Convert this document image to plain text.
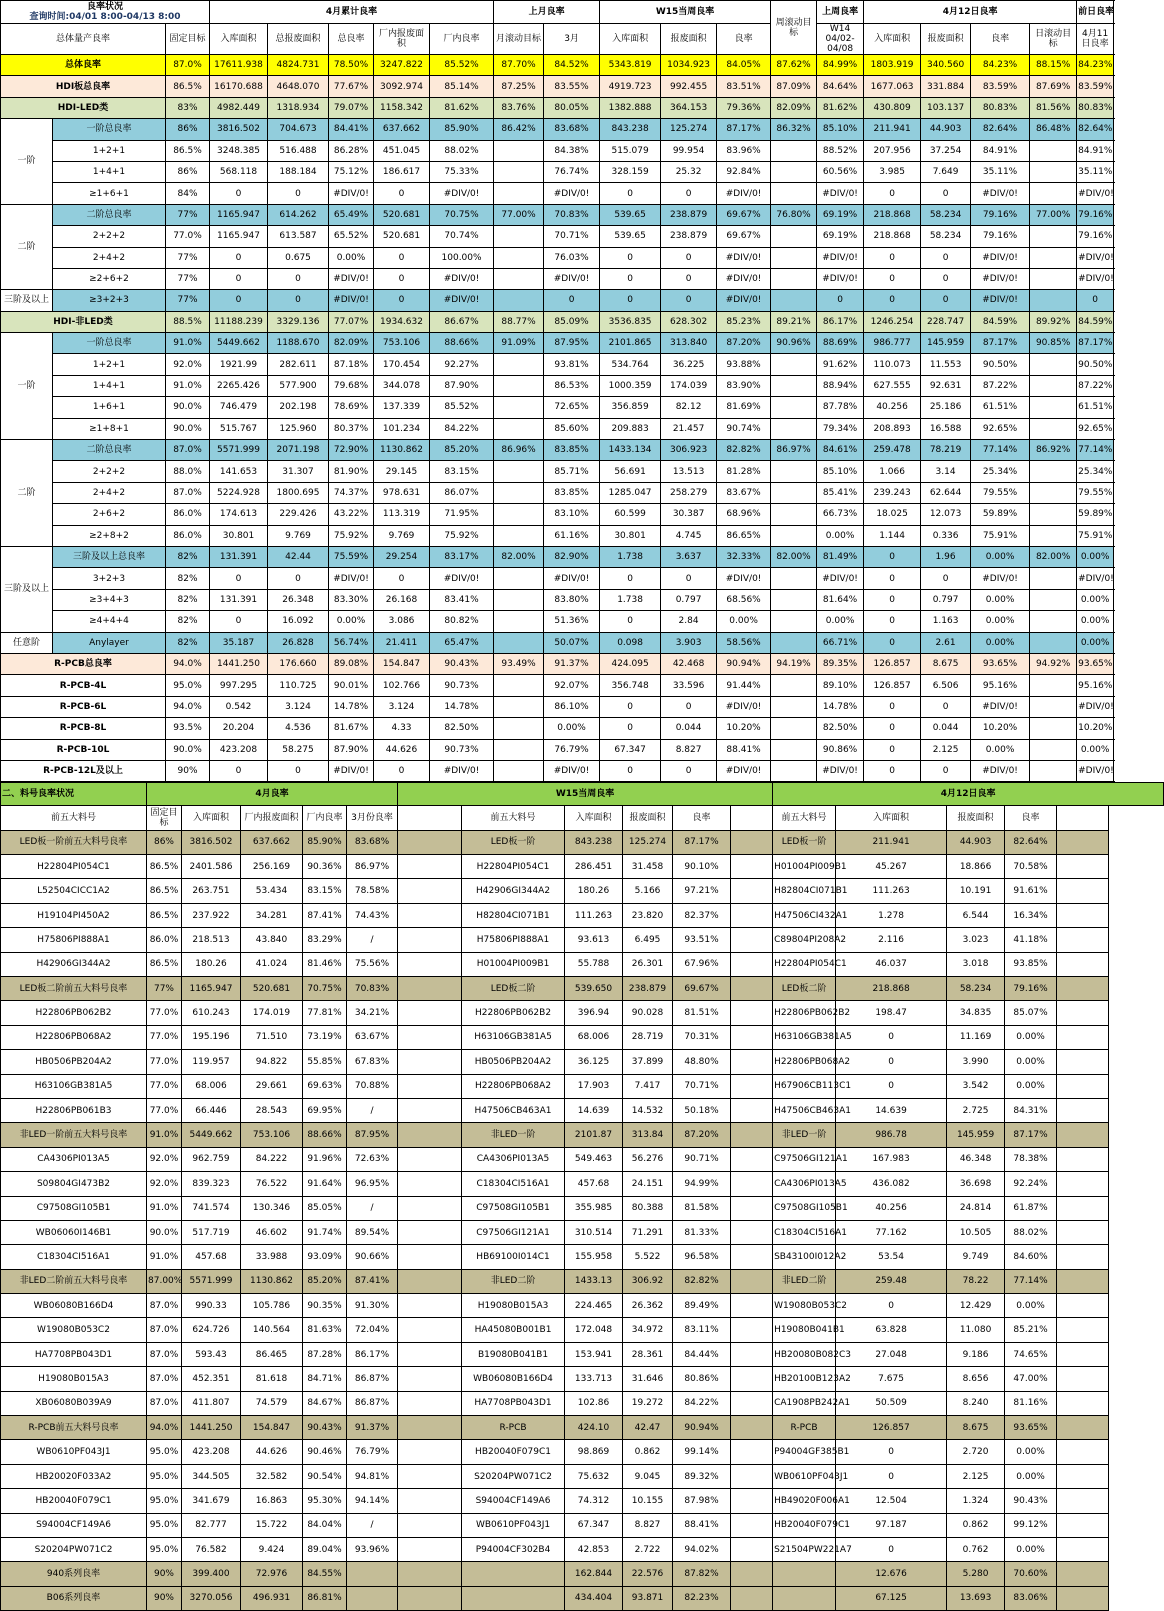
良率状况
查询时间:04/01 8:00-04/13 8:00			4月累计良率					上月良率		W15当周良率			周滚动目标	上周良率	4月12日良率				前日良率
总体量产良率		固定目标	入库面积	总报废面积	总良率	厂内报废面积	厂内良率	月滚动目标	3月	入库面积	报废面积	良率		W14 04/02-04/08	入库面积	报废面积	良率	日滚动目标	4月11日良率
总体良率		87.0%	17611.938	4824.731	78.50%	3247.822	85.52%	87.70%	84.52%	5343.819	1034.923	84.05%	87.62%	84.99%	1803.919	340.560	84.23%	88.15%	84.23%
HDI板总良率		86.5%	16170.688	4648.070	77.67%	3092.974	85.14%	87.25%	83.55%	4919.723	992.455	83.51%	87.09%	84.64%	1677.063	331.884	83.59%	87.69%	83.59%
HDI-LED类		83%	4982.449	1318.934	79.07%	1158.342	81.62%	83.76%	80.05%	1382.888	364.153	79.36%	82.09%	81.62%	430.809	103.137	80.83%	81.56%	80.83%
一阶	一阶总良率	86%	3816.502	704.673	84.41%	637.662	85.90%	86.42%	83.68%	843.238	125.274	87.17%	86.32%	85.10%	211.941	44.903	82.64%	86.48%	82.64%
	1+2+1	86.5%	3248.385	516.488	86.28%	451.045	88.02%		84.38%	515.079	99.954	83.96%		88.52%	207.956	37.254	84.91%		84.91%
	1+4+1	86%	568.118	188.184	75.12%	186.617	75.33%		76.74%	328.159	25.32	92.84%		60.56%	3.985	7.649	35.11%		35.11%
	≥1+6+1	84%	0	0	#DIV/0!	0	#DIV/0!		#DIV/0!	0	0	#DIV/0!		#DIV/0!	0	0	#DIV/0!		#DIV/0!
二阶	二阶总良率	77%	1165.947	614.262	65.49%	520.681	70.75%	77.00%	70.83%	539.65	238.879	69.67%	76.80%	69.19%	218.868	58.234	79.16%	77.00%	79.16%
	2+2+2	77.0%	1165.947	613.587	65.52%	520.681	70.74%		70.71%	539.65	238.879	69.67%		69.19%	218.868	58.234	79.16%		79.16%
	2+4+2	77%	0	0.675	0.00%	0	100.00%		76.03%	0	0	#DIV/0!		#DIV/0!	0	0	#DIV/0!		#DIV/0!
	≥2+6+2	77%	0	0	#DIV/0!	0	#DIV/0!		#DIV/0!	0	0	#DIV/0!		#DIV/0!	0	0	#DIV/0!		#DIV/0!
三阶及以上	≥3+2+3	77%	0	0	#DIV/0!	0	#DIV/0!		0	0	0	#DIV/0!		0	0	0	#DIV/0!		0
HDI-非LED类		88.5%	11188.239	3329.136	77.07%	1934.632	86.67%	88.77%	85.09%	3536.835	628.302	85.23%	89.21%	86.17%	1246.254	228.747	84.59%	89.92%	84.59%
一阶	一阶总良率	91.0%	5449.662	1188.670	82.09%	753.106	88.66%	91.09%	87.95%	2101.865	313.840	87.20%	90.96%	88.69%	986.777	145.959	87.17%	90.85%	87.17%
	1+2+1	92.0%	1921.99	282.611	87.18%	170.454	92.27%		93.81%	534.764	36.225	93.88%		91.62%	110.073	11.553	90.50%		90.50%
	1+4+1	91.0%	2265.426	577.900	79.68%	344.078	87.90%		86.53%	1000.359	174.039	83.90%		88.94%	627.555	92.631	87.22%		87.22%
	1+6+1	90.0%	746.479	202.198	78.69%	137.339	85.52%		72.65%	356.859	82.12	81.69%		87.78%	40.256	25.186	61.51%		61.51%
	≥1+8+1	90.0%	515.767	125.960	80.37%	101.234	84.22%		85.60%	209.883	21.457	90.74%		79.34%	208.893	16.588	92.65%		92.65%
二阶	二阶总良率	87.0%	5571.999	2071.198	72.90%	1130.862	85.20%	86.96%	83.85%	1433.134	306.923	82.82%	86.97%	84.61%	259.478	78.219	77.14%	86.92%	77.14%
	2+2+2	88.0%	141.653	31.307	81.90%	29.145	83.15%		85.71%	56.691	13.513	81.28%		85.10%	1.066	3.14	25.34%		25.34%
	2+4+2	87.0%	5224.928	1800.695	74.37%	978.631	86.07%		83.85%	1285.047	258.279	83.67%		85.41%	239.243	62.644	79.55%		79.55%
	2+6+2	86.0%	174.613	229.426	43.22%	113.319	71.95%		83.10%	60.599	30.387	68.96%		66.73%	18.025	12.073	59.89%		59.89%
	≥2+8+2	86.0%	30.801	9.769	75.92%	9.769	75.92%		61.16%	30.801	4.745	86.65%		0.00%	1.144	0.336	75.91%		75.91%
三阶及以上	三阶及以上总良率	82%	131.391	42.44	75.59%	29.254	83.17%	82.00%	82.90%	1.738	3.637	32.33%	82.00%	81.49%	0	1.96	0.00%	82.00%	0.00%
	3+2+3	82%	0	0	#DIV/0!	0	#DIV/0!		#DIV/0!	0	0	#DIV/0!		#DIV/0!	0	0	#DIV/0!		#DIV/0!
	≥3+4+3	82%	131.391	26.348	83.30%	26.168	83.41%		83.80%	1.738	0.797	68.56%		81.64%	0	0.797	0.00%		0.00%
	≥4+4+4	82%	0	16.092	0.00%	3.086	80.82%		51.36%	0	2.84	0.00%		0.00%	0	1.163	0.00%		0.00%
任意阶	Anylayer	82%	35.187	26.828	56.74%	21.411	65.47%		50.07%	0.098	3.903	58.56%		66.71%	0	2.61	0.00%		0.00%
R-PCB总良率		94.0%	1441.250	176.660	89.08%	154.847	90.43%	93.49%	91.37%	424.095	42.468	90.94%	94.19%	89.35%	126.857	8.675	93.65%	94.92%	93.65%
R-PCB-4L		95.0%	997.295	110.725	90.01%	102.766	90.73%		92.07%	356.748	33.596	91.44%		89.10%	126.857	6.506	95.16%		95.16%
R-PCB-6L		94.0%	0.542	3.124	14.78%	3.124	14.78%		86.10%	0	0	#DIV/0!		14.78%	0	0	#DIV/0!		#DIV/0!
R-PCB-8L		93.5%	20.204	4.536	81.67%	4.33	82.50%		0.00%	0	0.044	10.20%		82.50%	0	0.044	10.20%		10.20%
R-PCB-10L		90.0%	423.208	58.275	87.90%	44.626	90.73%		76.79%	67.347	8.827	88.41%		90.86%	0	2.125	0.00%		0.00%
R-PCB-12L及以上		90%	0	0	#DIV/0!	0	#DIV/0!		#DIV/0!	0	0	#DIV/0!		#DIV/0!	0	0	#DIV/0!		#DIV/0!
二、料号良率状况	4月良率					W15当周良率						4月12日良率				
前五大料号	固定目标	入库面积	厂内报废面积	厂内良率	3月份良率		前五大料号	入库面积	报废面积	良率		前五大料号	入库面积	报废面积	良率	
LED板一阶前五大料号良率	86%	3816.502	637.662	85.90%	83.68%		LED板一阶	843.238	125.274	87.17%		LED板一阶	211.941	44.903	82.64%	
H22804PI054C1	86.5%	2401.586	256.169	90.36%	86.97%		H22804PI054C1	286.451	31.458	90.10%		H01004PI009B1	45.267	18.866	70.58%	
L52504CICC1A2	86.5%	263.751	53.434	83.15%	78.58%		H42906GI344A2	180.26	5.166	97.21%		H82804CI071B1	111.263	10.191	91.61%	
H19104PI450A2	86.5%	237.922	34.281	87.41%	74.43%		H82804CI071B1	111.263	23.820	82.37%		H47506CI432A1	1.278	6.544	16.34%	
H75806PI888A1	86.0%	218.513	43.840	83.29%	/		H75806PI888A1	93.613	6.495	93.51%		C89804PI208A2	2.116	3.023	41.18%	
H42906GI344A2	86.5%	180.26	41.024	81.46%	75.56%		H01004PI009B1	55.788	26.301	67.96%		H22804PI054C1	46.037	3.018	93.85%	
LED板二阶前五大料号良率	77%	1165.947	520.681	70.75%	70.83%		LED板二阶	539.650	238.879	69.67%		LED板二阶	218.868	58.234	79.16%	
H22806PB062B2	77.0%	610.243	174.019	77.81%	34.21%		H22806PB062B2	396.94	90.028	81.51%		H22806PB062B2	198.47	34.835	85.07%	
H22806PB068A2	77.0%	195.196	71.510	73.19%	63.67%		H63106GB381A5	68.006	28.719	70.31%		H63106GB381A5	0	11.169	0.00%	
HB0506PB204A2	77.0%	119.957	94.822	55.85%	67.83%		HB0506PB204A2	36.125	37.899	48.80%		H22806PB068A2	0	3.990	0.00%	
H63106GB381A5	77.0%	68.006	29.661	69.63%	70.88%		H22806PB068A2	17.903	7.417	70.71%		H67906CB113C1	0	3.542	0.00%	
H22806PB061B3	77.0%	66.446	28.543	69.95%	/		H47506CB463A1	14.639	14.532	50.18%		H47506CB463A1	14.639	2.725	84.31%	
非LED一阶前五大料号良率	91.0%	5449.662	753.106	88.66%	87.95%		非LED一阶	2101.87	313.84	87.20%		非LED一阶	986.78	145.959	87.17%	
CA4306PI013A5	92.0%	962.759	84.222	91.96%	72.63%		CA4306PI013A5	549.463	56.276	90.71%		C97506GI121A1	167.983	46.348	78.38%	
S09804GI473B2	92.0%	839.323	76.522	91.64%	96.95%		C18304CI516A1	457.68	24.151	94.99%		CA4306PI013A5	436.082	36.698	92.24%	
C97508GI105B1	91.0%	741.574	130.346	85.05%	/		C97508GI105B1	355.985	80.388	81.58%		C97508GI105B1	40.256	24.814	61.87%	
WB06060I146B1	90.0%	517.719	46.602	91.74%	89.54%		C97506GI121A1	310.514	71.291	81.33%		C18304CI516A1	77.162	10.505	88.02%	
C18304CI516A1	91.0%	457.68	33.988	93.09%	90.66%		HB69100I014C1	155.958	5.522	96.58%		SB43100I012A2	53.54	9.749	84.60%	
非LED二阶前五大料号良率	87.00%	5571.999	1130.862	85.20%	87.41%		非LED二阶	1433.13	306.92	82.82%		非LED二阶	259.48	78.22	77.14%	
WB06080B166D4	87.0%	990.33	105.786	90.35%	91.30%		H19080B015A3	224.465	26.362	89.49%		W19080B053C2	0	12.429	0.00%	
W19080B053C2	87.0%	624.726	140.564	81.63%	72.04%		HA45080B001B1	172.048	34.972	83.11%		H19080B041B1	63.828	11.080	85.21%	
HA7708PB043D1	87.0%	593.43	86.465	87.28%	86.17%		B19080B041B1	153.941	28.361	84.44%		HB20080B082C3	27.048	9.186	74.65%	
H19080B015A3	87.0%	452.351	81.618	84.71%	86.87%		WB06080B166D4	133.713	31.646	80.86%		HB20100B123A2	7.675	8.656	47.00%	
XB06080B039A9	87.0%	411.807	74.579	84.67%	86.87%		HA7708PB043D1	102.86	19.272	84.22%		CA1908PB242A1	50.509	8.240	81.16%	
R-PCB前五大料号良率	94.0%	1441.250	154.847	90.43%	91.37%		R-PCB	424.10	42.47	90.94%		R-PCB	126.857	8.675	93.65%	
WB0610PF043J1	95.0%	423.208	44.626	90.46%	76.79%		HB20040F079C1	98.869	0.862	99.14%		P94004GF385B1	0	2.720	0.00%	
HB20020F033A2	95.0%	344.505	32.582	90.54%	94.81%		S20204PW071C2	75.632	9.045	89.32%		WB0610PF043J1	0	2.125	0.00%	
HB20040F079C1	95.0%	341.679	16.863	95.30%	94.14%		S94004CF149A6	74.312	10.155	87.98%		HB49020F006A1	12.504	1.324	90.43%	
S94004CF149A6	95.0%	82.777	15.722	84.04%	/		WB0610PF043J1	67.347	8.827	88.41%		HB20040F079C1	97.187	0.862	99.12%	
S20204PW071C2	95.0%	76.582	9.424	89.04%	93.96%		P94004CF302B4	42.853	2.722	94.02%		S21504PW221A7	0	0.762	0.00%	
940系列良率	90%	399.400	72.976	84.55%				162.844	22.576	87.82%			12.676	5.280	70.60%	
B06系列良率	90%	3270.056	496.931	86.81%				434.404	93.871	82.23%			67.125	13.693	83.06%	
